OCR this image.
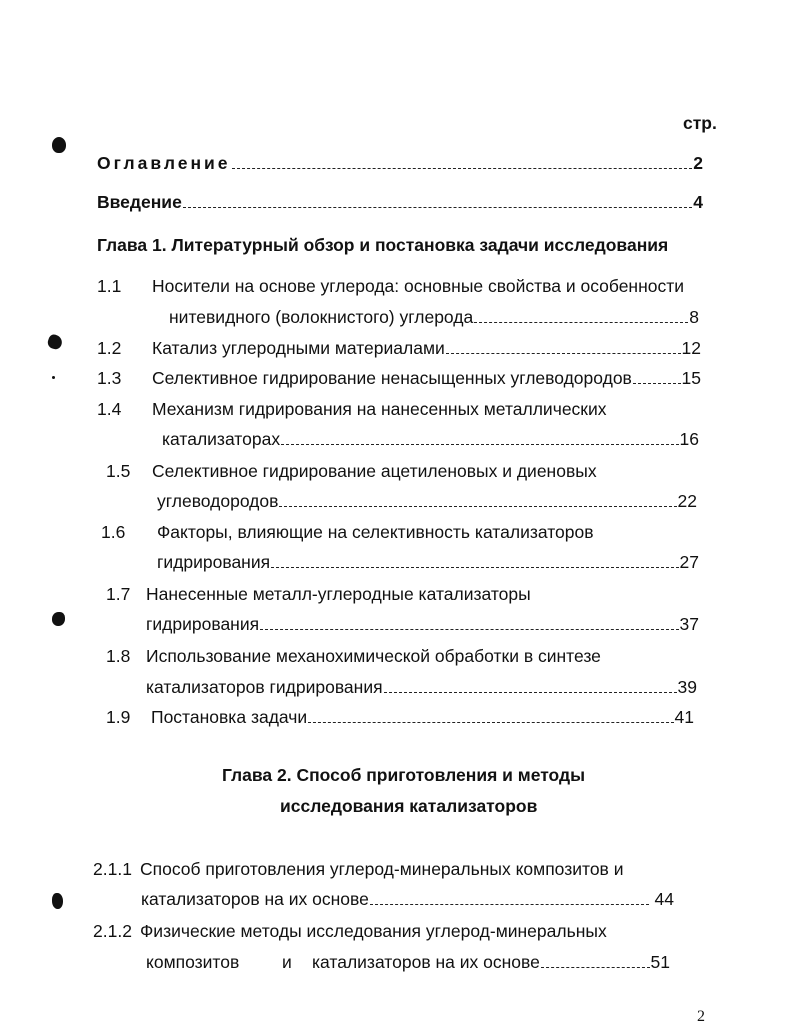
стр.
Оглавление	2
Введение	4
Глава 1. Литературный обзор и постановка задачи исследования
1.1 Носители на основе углерода: основные свойства и особенности
нитевидного (волокнистого) углерода	8
1.2 Катализ углеродными материалами	12
1.3 Селективное гидрирование ненасыщенных углеводородов	15
1.4 Механизм гидрирования на нанесенных металлических
катализаторах	16
1.5 Селективное гидрирование ацетиленовых и диеновых
углеводородов	22
1.6 Факторы, влияющие на селективность катализаторов
гидрирования	27
1.7 Нанесенные металл-углеродные катализаторы
гидрирования	37
1.8 Использование механохимической обработки в синтезе
катализаторов гидрирования	39
1.9 Постановка задачи	41
Глава 2. Способ приготовления и методы
исследования катализаторов
2.1.1 Способ приготовления углерод-минеральных композитов и
катализаторов на их основе	44
2.1.2 Физические методы исследования углерод-минеральных
композитов и катализаторов на их основе	51
2
